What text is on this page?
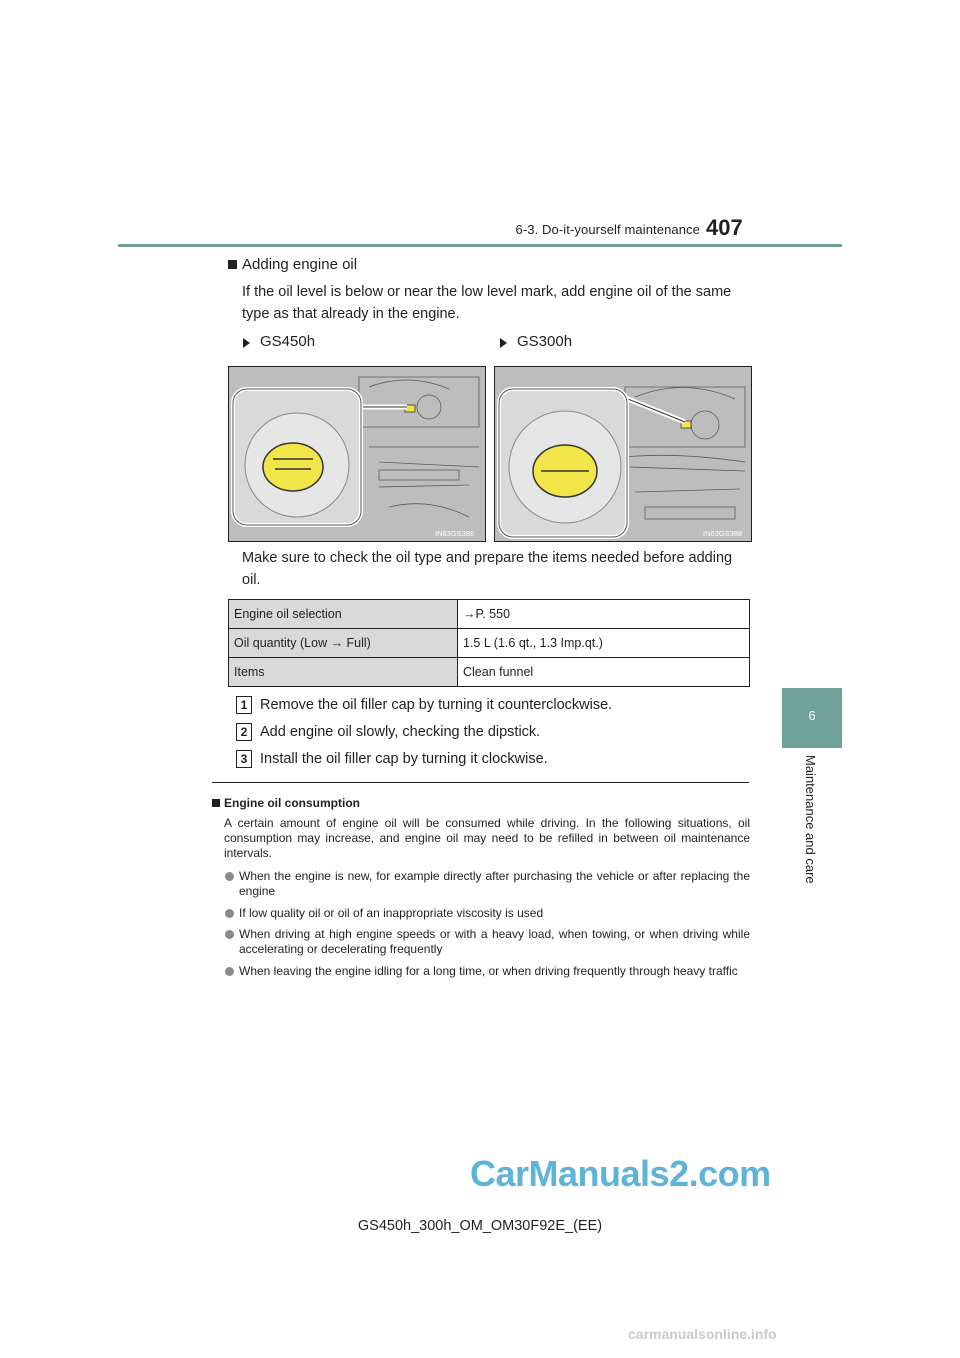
6-3. Do-it-yourself maintenance 407
6
Maintenance and care
Adding engine oil
If the oil level is below or near the low level mark, add engine oil of the same type as that already in the engine.
GS450h	GS300h
IN63GS386	IN63GS388
Make sure to check the oil type and prepare the items needed before adding oil.
Engine oil selection	→P. 550
Oil quantity (Low → Full)	1.5 L (1.6 qt., 1.3 Imp.qt.)
Items	Clean funnel
1 Remove the oil filler cap by turning it counterclockwise.
2 Add engine oil slowly, checking the dipstick.
3 Install the oil filler cap by turning it clockwise.
Engine oil consumption
A certain amount of engine oil will be consumed while driving. In the following situations, oil consumption may increase, and engine oil may need to be refilled in between oil maintenance intervals.
When the engine is new, for example directly after purchasing the vehicle or after replacing the engine
If low quality oil or oil of an inappropriate viscosity is used
When driving at high engine speeds or with a heavy load, when towing, or when driving while accelerating or decelerating frequently
When leaving the engine idling for a long time, or when driving frequently through heavy traffic
GS450h_300h_OM_OM30F92E_(EE)
CarManuals2.com
carmanualsonline.info
